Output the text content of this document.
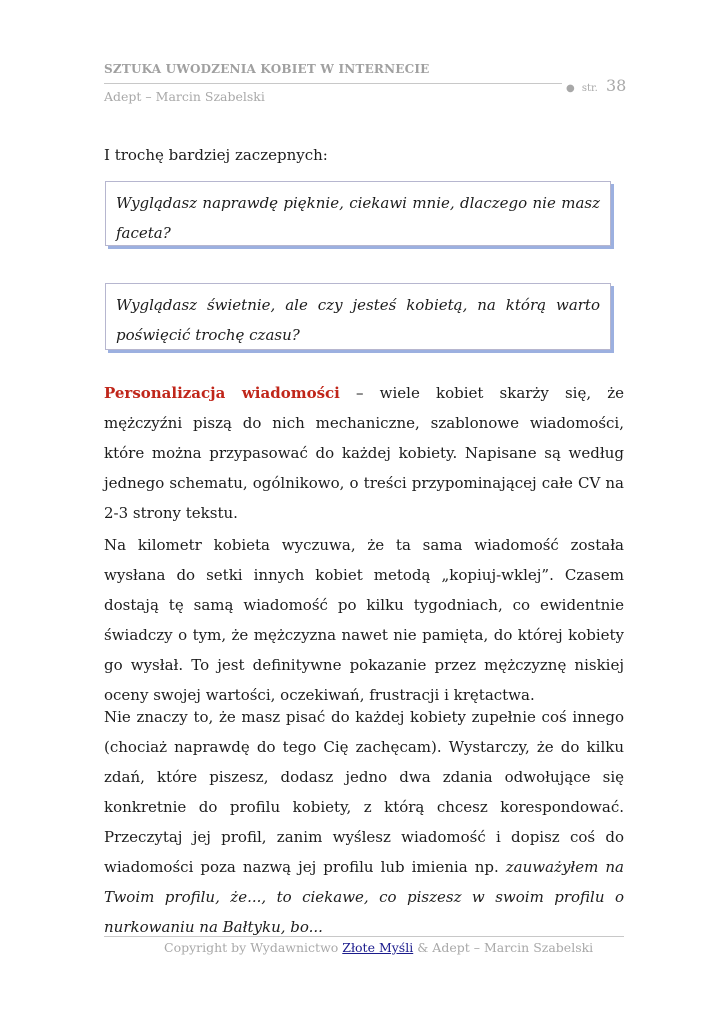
SZTUKA UWODZENIA KOBIET W INTERNECIE
Adept – Marcin Szabelski
● str. 38

I trochę bardziej zaczepnych:

Wyglądasz naprawdę pięknie, ciekawi mnie, dlaczego nie masz faceta?
Wyglądasz świetnie, ale czy jesteś kobietą, na którą warto poświęcić trochę czasu?

Personalizacja wiadomości – wiele kobiet skarży się, że mężczyźni piszą do nich mechaniczne, szablonowe wiadomości, które można przypasować do każdej kobiety. Napisane są według jednego schematu, ogólnikowo, o treści przypominającej całe CV na 2-3 strony tekstu.

Na kilometr kobieta wyczuwa, że ta sama wiadomość została wysłana do setki innych kobiet metodą „kopiuj-wklej”. Czasem dostają tę samą wiadomość po kilku tygodniach, co ewidentnie świadczy o tym, że mężczyzna nawet nie pamięta, do której kobiety go wysłał. To jest definitywne pokazanie przez mężczyznę niskiej oceny swojej wartości, oczekiwań, frustracji i krętactwa.

Nie znaczy to, że masz pisać do każdej kobiety zupełnie coś innego (chociaż naprawdę do tego Cię zachęcam). Wystarczy, że do kilku zdań, które piszesz, dodasz jedno dwa zdania odwołujące się konkretnie do profilu kobiety, z którą chcesz korespondować. Przeczytaj jej profil, zanim wyślesz wiadomość i dopisz coś do wiadomości poza nazwą jej profilu lub imienia np. zauważyłem na Twoim profilu, że..., to ciekawe, co piszesz w swoim profilu o nurkowaniu na Bałtyku, bo...

Copyright by Wydawnictwo Złote Myśli & Adept – Marcin Szabelski
